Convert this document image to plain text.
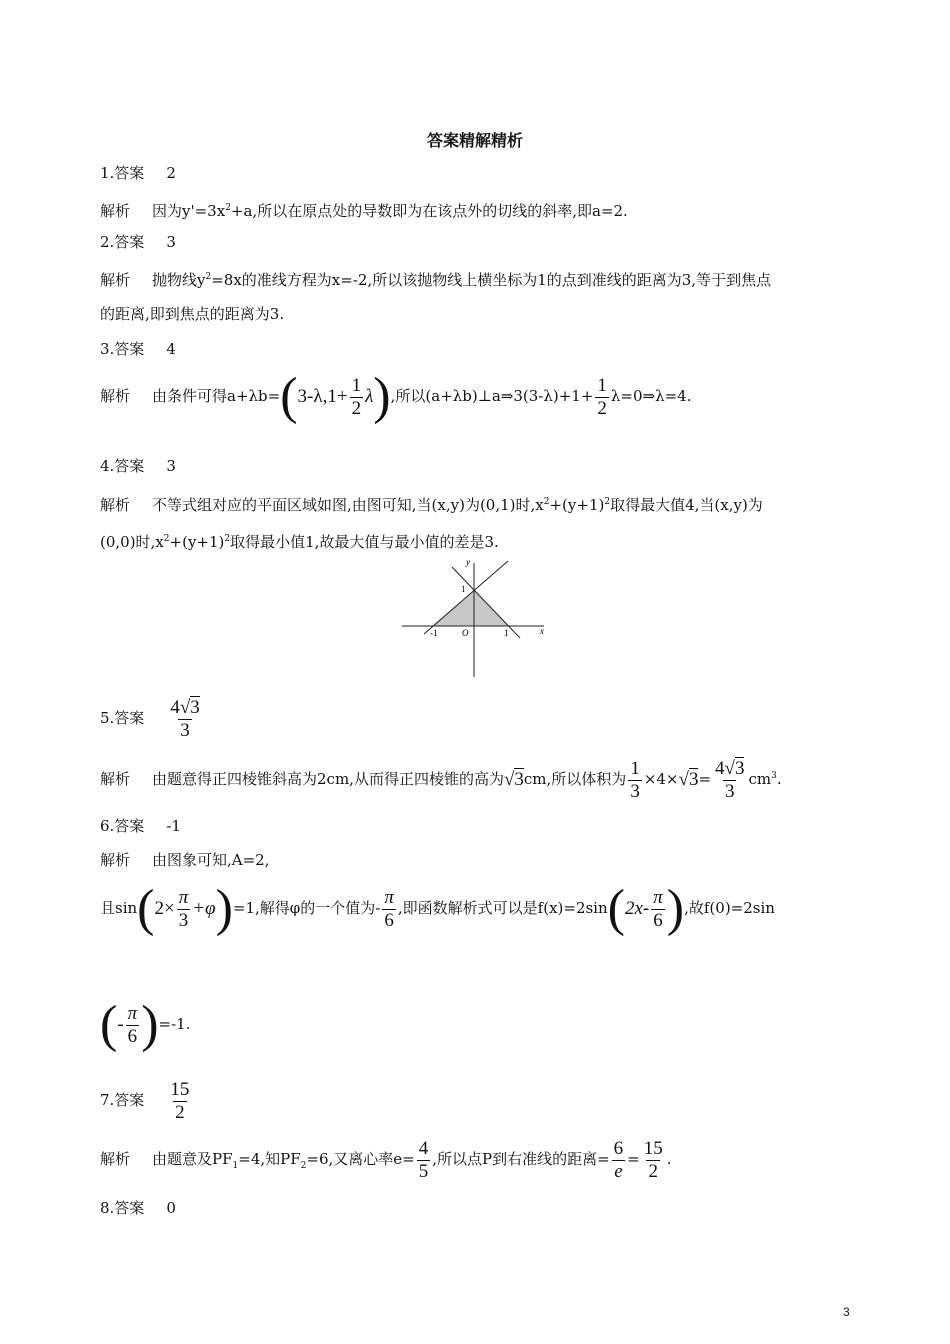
答案精解精析
1.答案 2
解析 因为$y'=3x^2+a$,所以在原点处的导数即为在该点外的切线的斜率,即a=2.
2.答案 3
解析 抛物线$y^2=8x$的准线方程为x=-2,所以该抛物线上横坐标为1的点到准线的距离为3,等于到焦点
的距离,即到焦点的距离为3.
3.答案 4
解析 由条件可得$a+\lambda b=(3-\lambda,1+ \frac{1}{2} \lambda)$,所以(a+λb)⊥a⇒3(3-λ)+1+ $\frac{1}{2}$ λ=0⇒λ=4.
4.答案 3
解析 不等式组对应的平面区域如图,由图可知,当(x,y)为(0,1)时$,x^2+(y+1)^2$取得最大值4,当(x,y)为
(0,0)时$,x^2+(y+1)^2$取得最小值1,故最大值与最小值的差是3.
y
x
1
-1	O	1
5.答案 $\frac{4√3}{3}$
解析 由题意得正四棱锥斜高为2cm,从而得正四棱锥的高为√3cm,所以体积为 $\frac{1}{3} \times 4\times√3= \frac{4√3}{3} cm^3$.
6.答案 -1
解析 由图象可知,A=2,
且$\sin(2\times \frac{\pi}{3} +\varphi)=1$,解得φ的一个值为- $\frac{\pi}{6}$ ,即函数解析式可以是$f(x)=2\sin(2x- \frac{\pi}{6}$ ),故f(0)=2sin
(- $\frac{\pi}{6} )=-1$.
7.答案 $\frac{15}{2}$
解析 由题意及$PF_1=4$,知$PF_2=6$,又离心率$e= \frac{4}{5}$ ,所以点P到右准线的距离= $\frac{6}{e} = \frac{15}{2}$ .
8.答案 0
3
